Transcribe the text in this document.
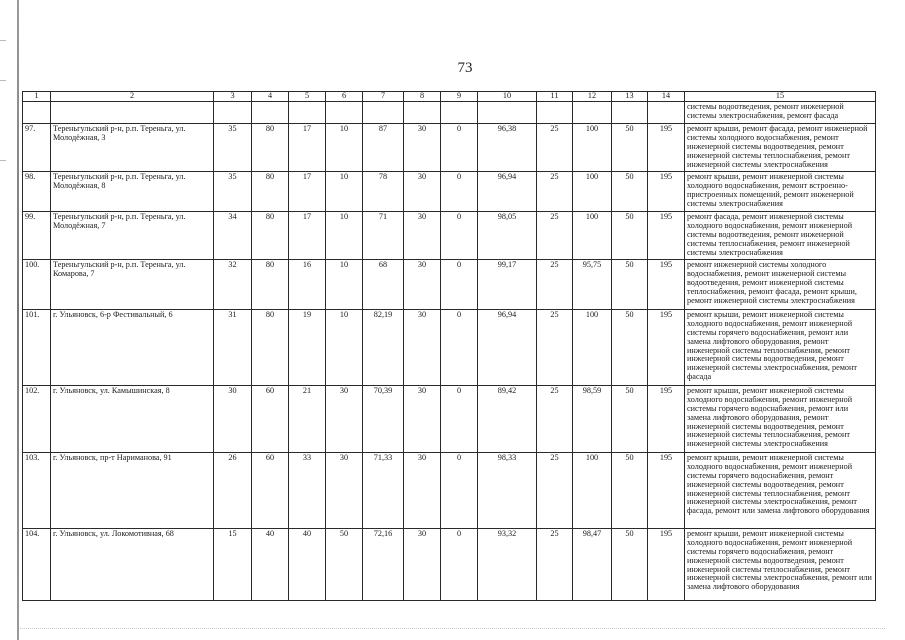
73
1	2	3	4	5	6	7	8	9	10	11	12	13	14	15
														системы водоотведения, ремонт инженерной системы электроснабжения, ремонт фасада
97.	Тереньгульский р-н, р.п. Тереньга, ул. Молодёжная, 3	35	80	17	10	87	30	0	96,38	25	100	50	195	ремонт крыши, ремонт фасада, ремонт инженерной системы холодного водоснабжения, ремонт инженерной системы водоотведения, ремонт инженерной системы теплоснабжения, ремонт инженерной системы электроснабжения
98.	Тереньгульский р-н, р.п. Тереньга, ул. Молодёжная, 8	35	80	17	10	78	30	0	96,94	25	100	50	195	ремонт крыши, ремонт инженерной системы холодного водоснабжения, ремонт встроенно-пристроенных помещений, ремонт инженерной системы электроснабжения
99.	Тереньгульский р-н, р.п. Тереньга, ул. Молодёжная, 7	34	80	17	10	71	30	0	98,05	25	100	50	195	ремонт фасада, ремонт инженерной системы холодного водоснабжения, ремонт инженерной системы водоотведения, ремонт инженерной системы теплоснабжения, ремонт инженерной системы электроснабжения
100.	Тереньгульский р-н, р.п. Тереньга, ул. Комарова, 7	32	80	16	10	68	30	0	99,17	25	95,75	50	195	ремонт инженерной системы холодного водоснабжения, ремонт инженерной системы водоотведения, ремонт инженерной системы теплоснабжения, ремонт фасада, ремонт крыши, ремонт инженерной системы электроснабжения
101.	г. Ульяновск, 6-р Фестивальный, 6	31	80	19	10	82,19	30	0	96,94	25	100	50	195	ремонт крыши, ремонт инженерной системы холодного водоснабжения, ремонт инженерной системы горячего водоснабжения, ремонт или замена лифтового оборудования, ремонт инженерной системы теплоснабжения, ремонт инженерной системы водоотведения, ремонт инженерной системы электроснабжения, ремонт фасада
102.	г. Ульяновск, ул. Камышинская, 8	30	60	21	30	70,39	30	0	89,42	25	98,59	50	195	ремонт крыши, ремонт инженерной системы холодного водоснабжения, ремонт инженерной системы горячего водоснабжения, ремонт или замена лифтового оборудования, ремонт инженерной системы водоотведения, ремонт инженерной системы теплоснабжения, ремонт инженерной системы электроснабжения
103.	г. Ульяновск, пр-т Нариманова, 91	26	60	33	30	71,33	30	0	98,33	25	100	50	195	ремонт крыши, ремонт инженерной системы холодного водоснабжения, ремонт инженерной системы горячего водоснабжения, ремонт инженерной системы водоотведения, ремонт инженерной системы теплоснабжения, ремонт инженерной системы электроснабжения, ремонт фасада, ремонт или замена лифтового оборудования
104.	г. Ульяновск, ул. Локомотивная, 68	15	40	40	50	72,16	30	0	93,32	25	98,47	50	195	ремонт крыши, ремонт инженерной системы холодного водоснабжения, ремонт инженерной системы горячего водоснабжения, ремонт инженерной системы водоотведения, ремонт инженерной системы теплоснабжения, ремонт инженерной системы электроснабжения, ремонт или замена лифтового оборудования
